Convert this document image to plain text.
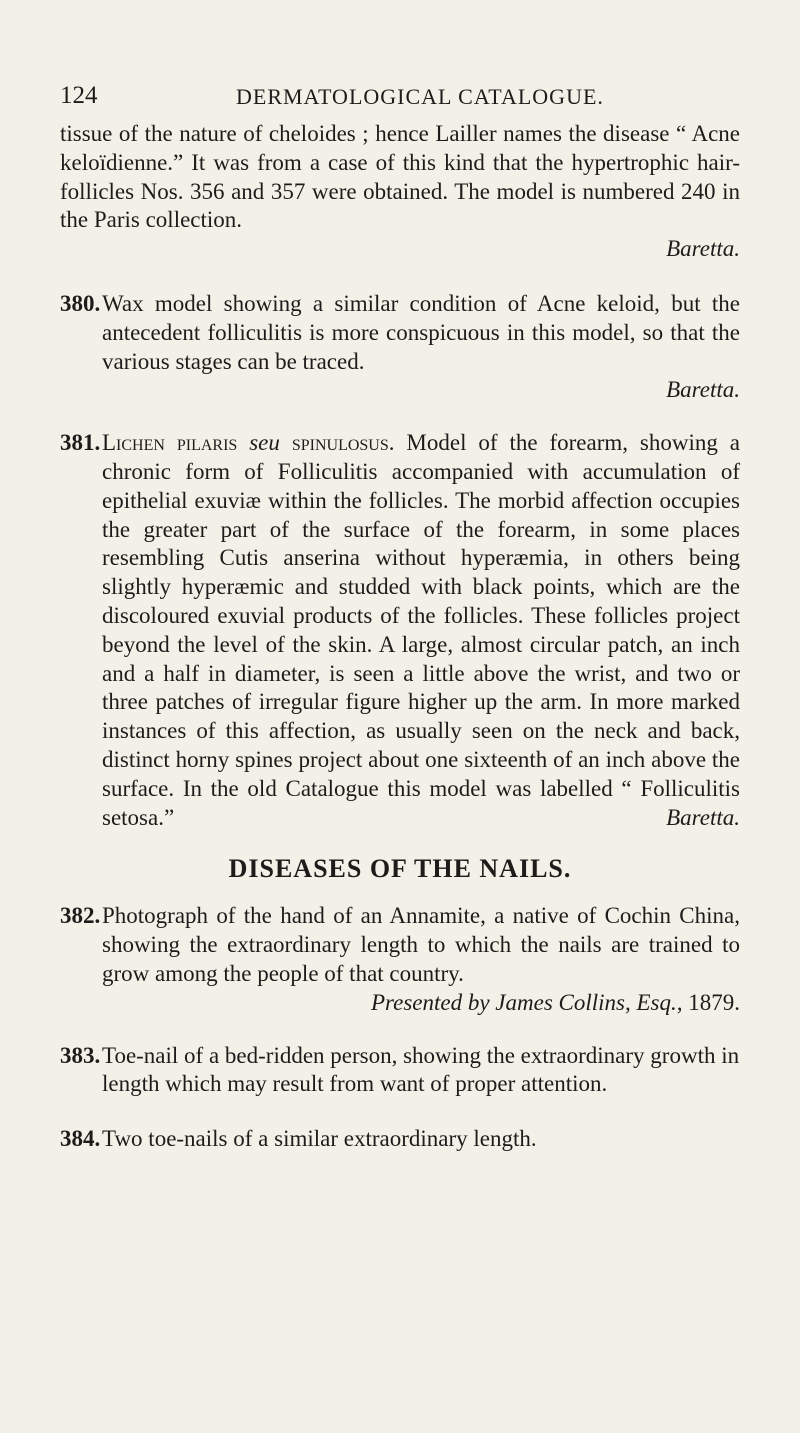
124	DERMATOLOGICAL CATALOGUE.

tissue of the nature of cheloides ; hence Lailler names the disease “ Acne keloïdienne.” It was from a case of this kind that the hypertrophic hair-follicles Nos. 356 and 357 were obtained. The model is numbered 240 in the Paris collection.

Baretta.

380. Wax model showing a similar condition of Acne keloid, but the antecedent folliculitis is more conspicuous in this model, so that the various stages can be traced.

Baretta.

381. Lichen pilaris seu spinulosus. Model of the forearm, showing a chronic form of Folliculitis accompanied with accumulation of epithelial exuviæ within the follicles. The morbid affection occupies the greater part of the surface of the forearm, in some places resembling Cutis anserina without hyperæmia, in others being slightly hyperæmic and studded with black points, which are the discoloured exuvial products of the follicles. These follicles project beyond the level of the skin. A large, almost circular patch, an inch and a half in diameter, is seen a little above the wrist, and two or three patches of irregular figure higher up the arm. In more marked instances of this affection, as usually seen on the neck and back, distinct horny spines project about one sixteenth of an inch above the surface. In the old Catalogue this model was labelled “ Folliculitis setosa.”	Baretta.

DISEASES OF THE NAILS.
382. Photograph of the hand of an Annamite, a native of Cochin China, showing the extraordinary length to which the nails are trained to grow among the people of that country.

Presented by James Collins, Esq., 1879.

383. Toe-nail of a bed-ridden person, showing the extraordinary growth in length which may result from want of proper attention.

384. Two toe-nails of a similar extraordinary length.
